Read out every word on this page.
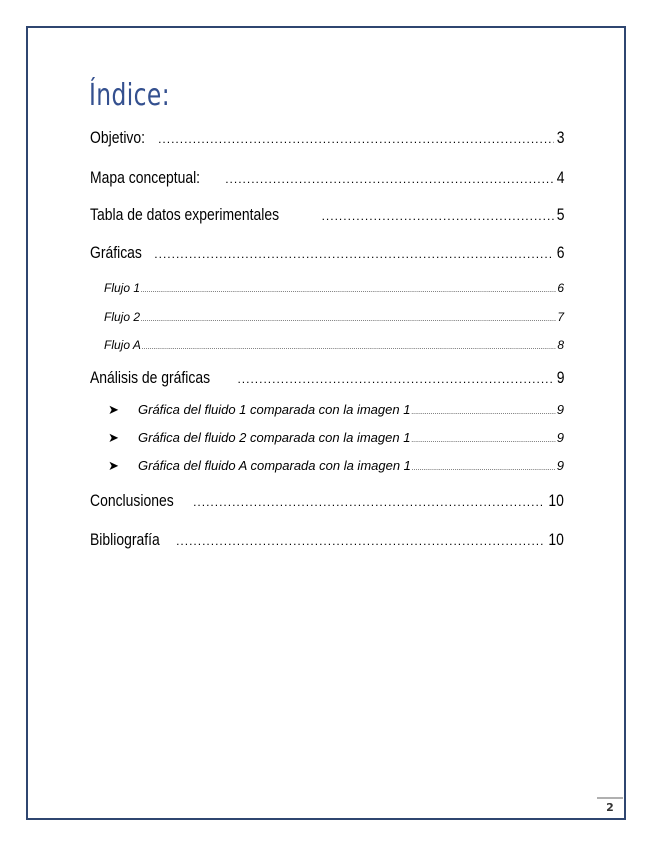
Índice:
Objetivo: .....	3
Mapa conceptual: .....	4
Tabla de datos experimentales .....	5
Gráficas .....	6
Flujo 1 .....	6
Flujo 2 .....	7
Flujo A .....	8
Análisis de gráficas .....	9
➤	Gráfica del fluido 1 comparada con la imagen 1 .....	9
➤	Gráfica del fluido 2 comparada con la imagen 1 .....	9
➤	Gráfica del fluido A comparada con la imagen 1 .....	9
Conclusiones .....	10
Bibliografía .....	10
2
